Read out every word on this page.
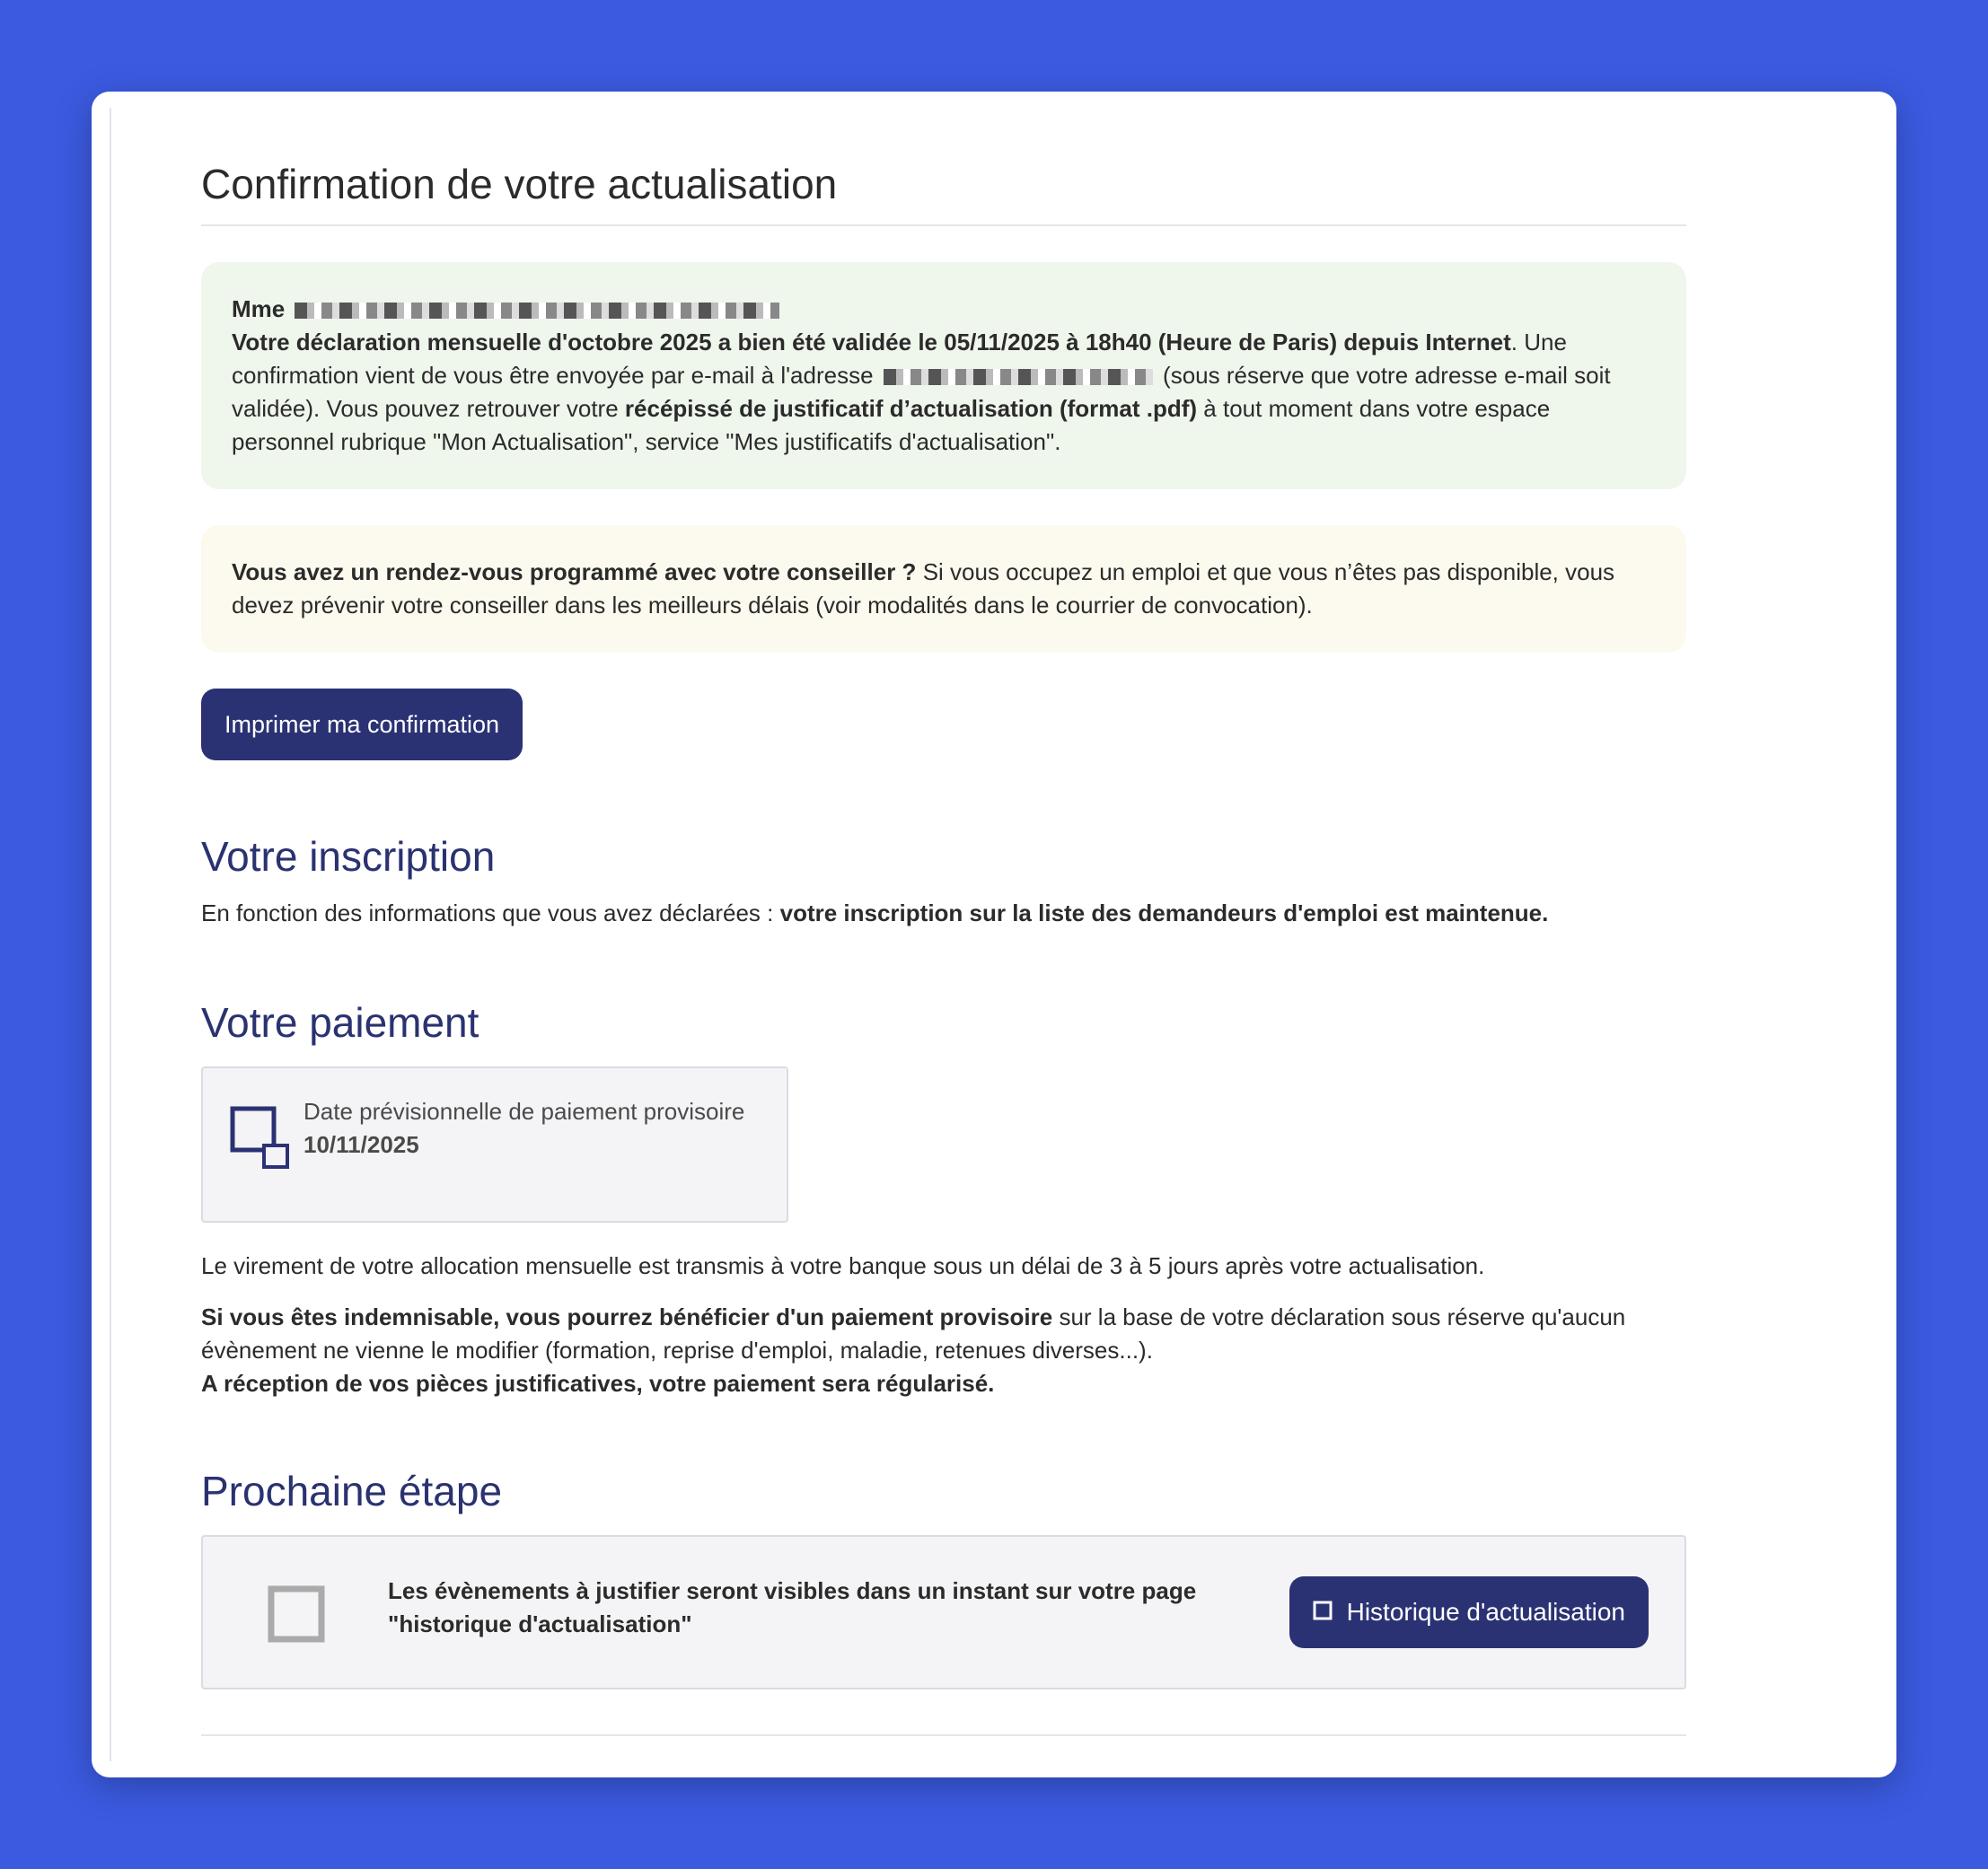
Confirmation de votre actualisation
Mme
Votre déclaration mensuelle d'octobre 2025 a bien été validée le 05/11/2025 à 18h40 (Heure de Paris) depuis Internet. Une confirmation vient de vous être envoyée par e-mail à l'adresse	(sous réserve que votre adresse e-mail soit validée). Vous pouvez retrouver votre récépissé de justificatif d’actualisation (format .pdf) à tout moment dans votre espace personnel rubrique "Mon Actualisation", service "Mes justificatifs d'actualisation".
Vous avez un rendez-vous programmé avec votre conseiller ? Si vous occupez un emploi et que vous n’êtes pas disponible, vous devez prévenir votre conseiller dans les meilleurs délais (voir modalités dans le courrier de convocation).
Imprimer ma confirmation
Votre inscription

En fonction des informations que vous avez déclarées : votre inscription sur la liste des demandeurs d'emploi est maintenue.

Votre paiement
Date prévisionnelle de paiement provisoire
10/11/2025

Le virement de votre allocation mensuelle est transmis à votre banque sous un délai de 3 à 5 jours après votre actualisation.

Si vous êtes indemnisable, vous pourrez bénéficier d'un paiement provisoire sur la base de votre déclaration sous réserve qu'aucun évènement ne vienne le modifier (formation, reprise d'emploi, maladie, retenues diverses...).
A réception de vos pièces justificatives, votre paiement sera régularisé.

Prochaine étape
Les évènements à justifier seront visibles dans un instant sur votre page "historique d'actualisation"	Historique d'actualisation
